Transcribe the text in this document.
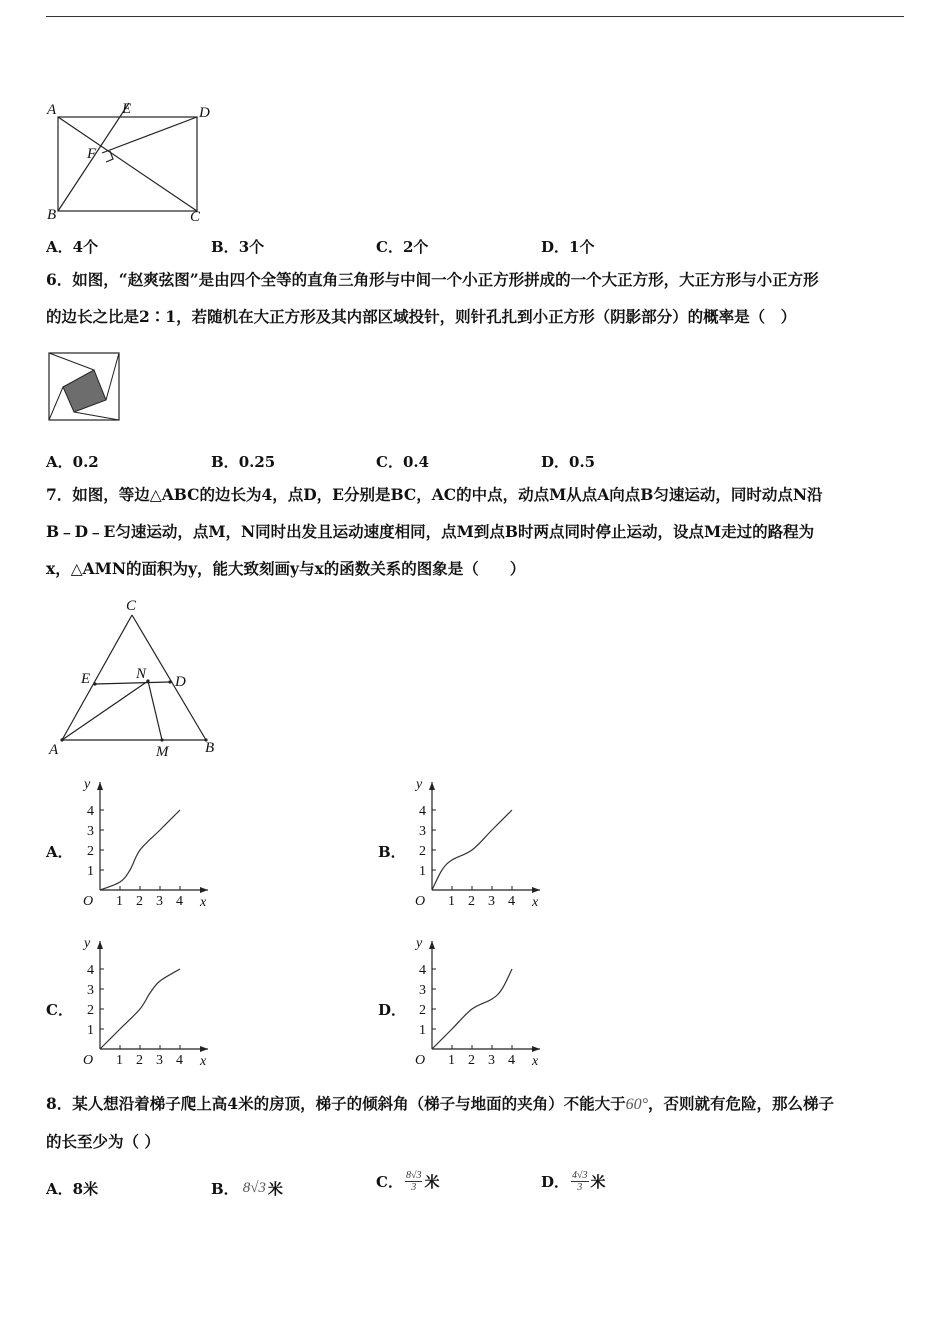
A	E	D
F
B	C
A． 4个	B． 3个	C． 2个	D． 1个

6．如图，“赵爽弦图”是由四个全等的直角三角形与中间一个小正方形拼成的一个大正方形，大正方形与小正方形

的边长之比是2∶1，若随机在大正方形及其内部区域投针，则针孔扎到小正方形（阴影部分）的概率是（　）

A． 0.2	B． 0.25	C． 0.4	D． 0.5

7．如图，等边△ABC的边长为4，点D，E分别是BC，AC的中点，动点M从点A向点B匀速运动，同时动点N沿

B﹣D﹣E匀速运动，点M，N同时出发且运动速度相同，点M到点B时两点同时停止运动，设点M走过的路程为

x，△AMN的面积为y，能大致刻画y与x的函数关系的图象是（　　）

C
E	N D
A	M B
A．	B．
C．	D．
1
1
2
2
3
3
4
4
O	x
y
1
1
2
2
3
3
4
4
O	x
y
1
1
2
2
3
3
4
4
O	x
y
1
1
2
2
3
3
4
4
O	x
y

8．某人想沿着梯子爬上高4米的房顶，梯子的倾斜角（梯子与地面的夹角）不能大于60°，否则就有危险，那么梯子

的长至少为（ ）

A． 8米	B． 8√3 米	C． $\frac{8√3}{3}$ 米	D． $\frac{4√3}{3}$ 米
